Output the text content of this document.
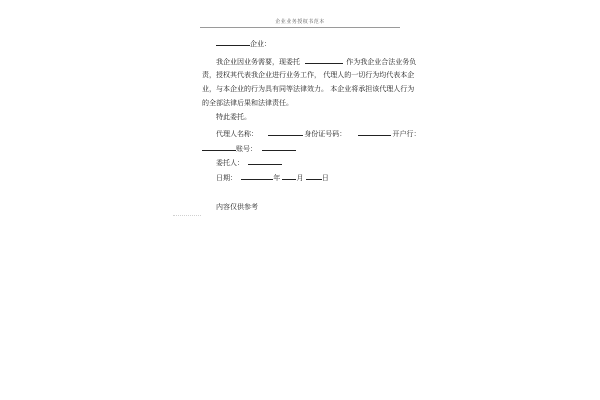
企业业务授权书范本
企业：
我企业因业务需要，现委托	作为我企业合法业务负
责，授权其代表我企业进行业务工作， 代理人的一切行为均代表本企
业，与本企业的行为具有同等法律效力。 本企业将承担该代理人行为
的全部法律后果和法律责任。
特此委托。
代理人名称：	身份证号码：	开户行：
账号：
委托人：
日期：	年 月	日
内容仅供参考
